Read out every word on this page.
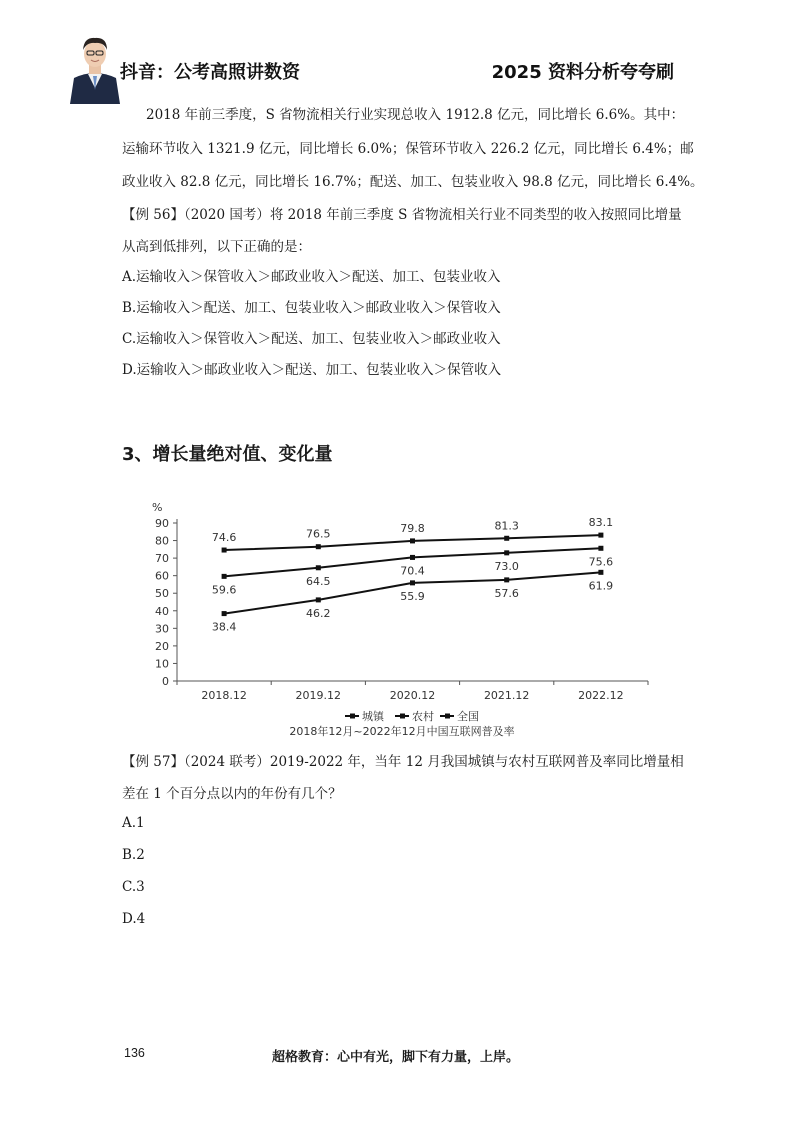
抖音：公考高照讲数资	2025 资料分析夸夸刷
2018 年前三季度，S 省物流相关行业实现总收入 1912.8 亿元，同比增长 6.6%。其中：
运输环节收入 1321.9 亿元，同比增长 6.0%；保管环节收入 226.2 亿元，同比增长 6.4%；邮
政业收入 82.8 亿元，同比增长 16.7%；配送、加工、包装业收入 98.8 亿元，同比增长 6.4%。
【例 56】（2020 国考）将 2018 年前三季度 S 省物流相关行业不同类型的收入按照同比增量
从高到低排列，以下正确的是：
A.运输收入＞保管收入＞邮政业收入＞配送、加工、包装业收入
B.运输收入＞配送、加工、包装业收入＞邮政业收入＞保管收入
C.运输收入＞保管收入＞配送、加工、包装业收入＞邮政业收入
D.运输收入＞邮政业收入＞配送、加工、包装业收入＞保管收入
3、增长量绝对值、变化量
%
0
10
20
30
40
50
60
70
80
90
2018.12	2019.12	2020.12	2021.12	2022.12
74.6	76.5	79.8	81.3	83.1
38.4
46.2
55.9	57.6
61.9
59.6
64.5
70.4	73.0	75.6
城镇	农村 全国
2018年12月~2022年12月中国互联网普及率
【例 57】（2024 联考）2019-2022 年，当年 12 月我国城镇与农村互联网普及率同比增量相
差在 1 个百分点以内的年份有几个？
A.1
B.2
C.3
D.4
136	超格教育：心中有光，脚下有力量，上岸。
